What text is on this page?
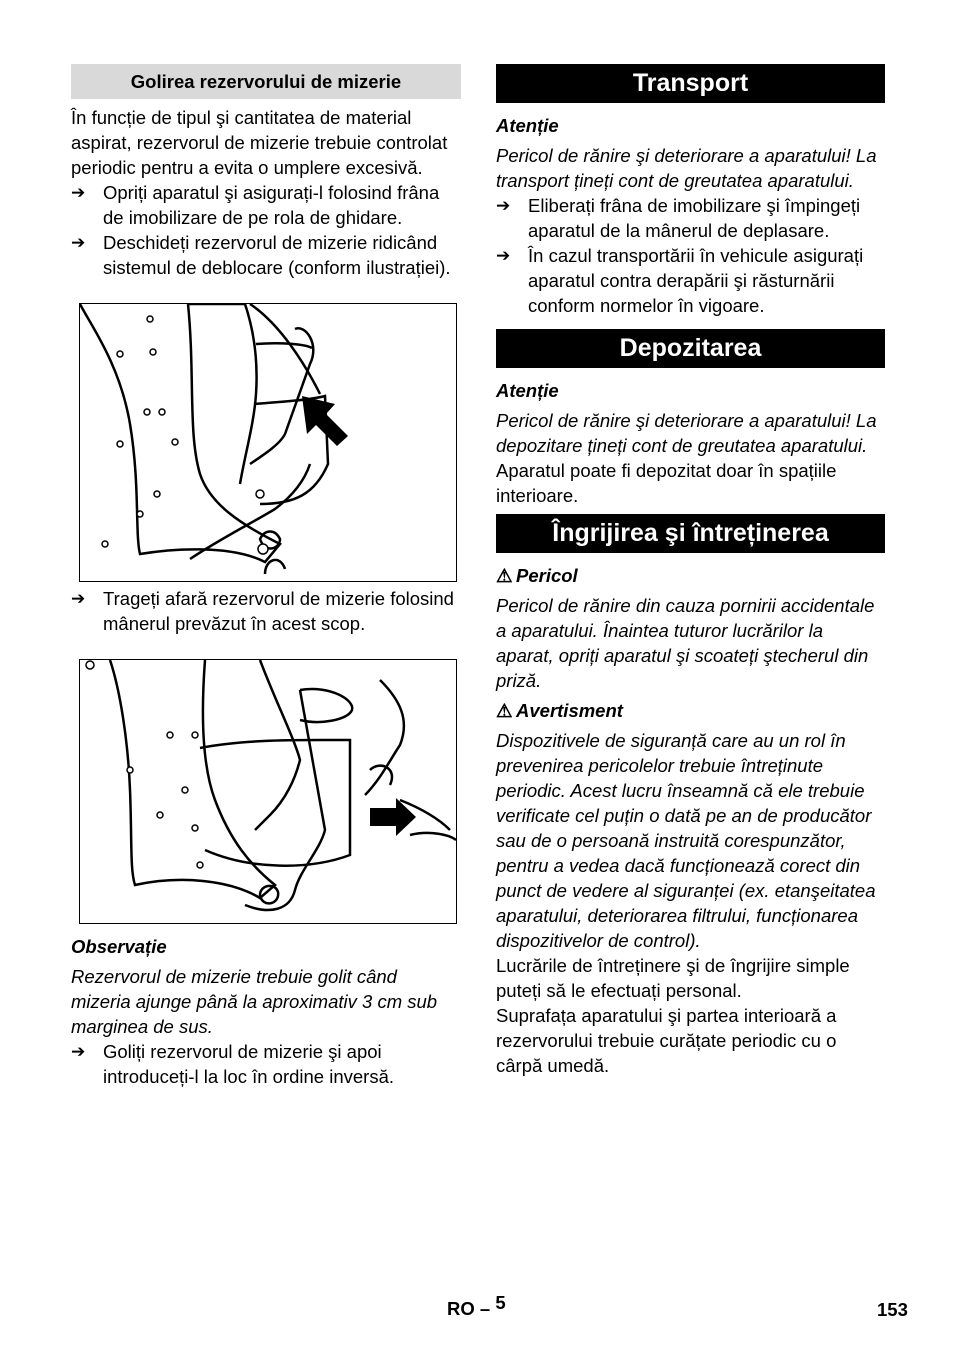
Golirea rezervorului de mizerie

În funcție de tipul şi cantitatea de material aspirat, rezervorul de mizerie trebuie controlat periodic pentru a evita o umplere excesivă.

➔ Opriți aparatul şi asigurați-l folosind frâna de imobilizare de pe rola de ghidare.
➔ Deschideți rezervorul de mizerie ridicând sistemul de deblocare (conform ilustrației).
➔ Trageți afară rezervorul de mizerie folosind mânerul prevăzut în acest scop.

Observație

Rezervorul de mizerie trebuie golit când mizeria ajunge până la aproximativ 3 cm sub marginea de sus.

➔ Goliți rezervorul de mizerie şi apoi introduceți-l la loc în ordine inversă.
Transport

Atenție

Pericol de rănire şi deteriorare a aparatului! La transport țineți cont de greutatea aparatului.

➔ Eliberați frâna de imobilizare şi împingeți aparatul de la mânerul de deplasare.
➔ În cazul transportării în vehicule asigurați aparatul contra derapării şi răsturnării conform normelor în vigoare.
Depozitarea

Atenție

Pericol de rănire şi deteriorare a aparatului! La depozitare țineți cont de greutatea aparatului.

Aparatul poate fi depozitat doar în spațiile interioare.

Îngrijirea şi întreținerea

⚠ Pericol

Pericol de rănire din cauza pornirii accidentale a aparatului. Înaintea tuturor lucrărilor la aparat, opriți aparatul şi scoateți ştecherul din priză.

⚠ Avertisment

Dispozitivele de siguranță care au un rol în prevenirea pericolelor trebuie întreținute periodic. Acest lucru înseamnă că ele trebuie verificate cel puțin o dată pe an de producător sau de o persoană instruită corespunzător, pentru a vedea dacă funcționează corect din punct de vedere al siguranței (ex. etanşeitatea aparatului, deteriorarea filtrului, funcționarea dispozitivelor de control).

Lucrările de întreținere şi de îngrijire simple puteți să le efectuați personal.

Suprafața aparatului şi partea interioară a rezervorului trebuie curățate periodic cu o cârpă umedă.

RO – 5	153
